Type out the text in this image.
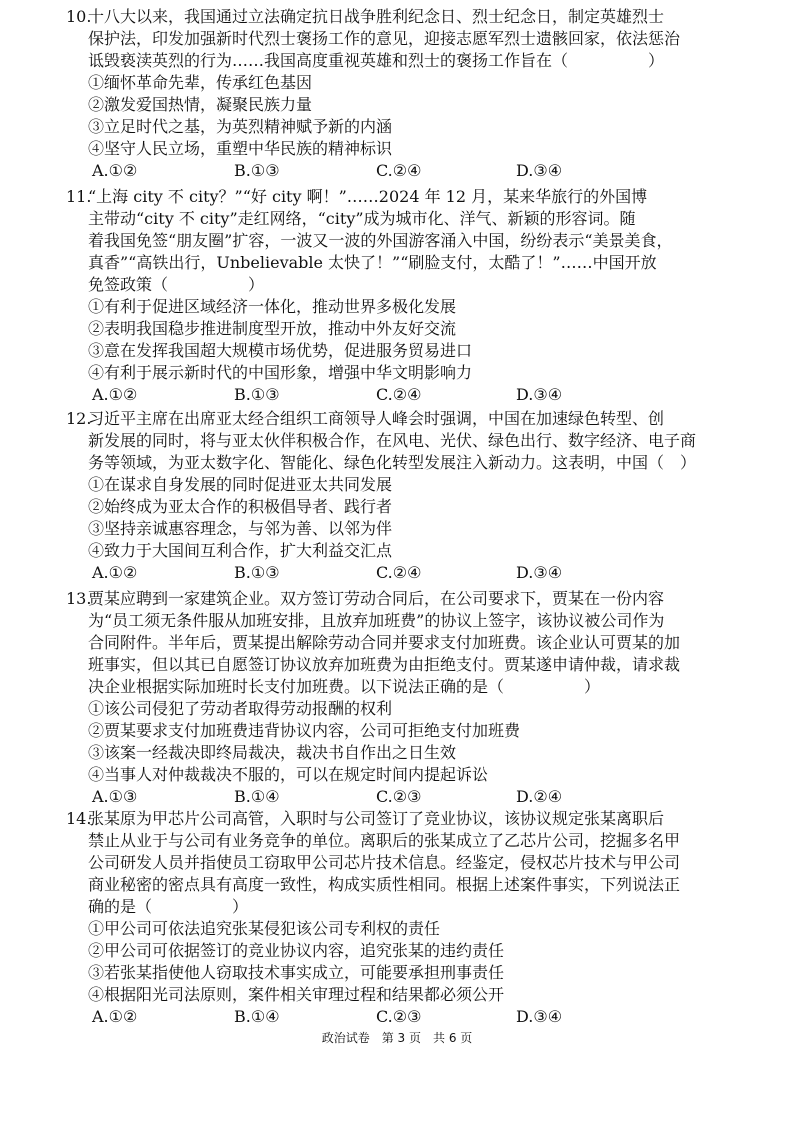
10.
十八大以来，我国通过立法确定抗日战争胜利纪念日、烈士纪念日，制定英雄烈士
保护法，印发加强新时代烈士褒扬工作的意见，迎接志愿军烈士遗骸回家，依法惩治
诋毁亵渎英烈的行为……我国高度重视英雄和烈士的褒扬工作旨在（　　　　　）
①缅怀革命先辈，传承红色基因
②激发爱国热情，凝聚民族力量
③立足时代之基，为英烈精神赋予新的内涵
④坚守人民立场，重塑中华民族的精神标识
A.①②	B.①③	C.②④	D.③④
11.
“上海 city 不 city？”“好 city 啊！”……2024 年 12 月，某来华旅行的外国博
主带动“city 不 city”走红网络，“city”成为城市化、洋气、新颖的形容词。随
着我国免签“朋友圈”扩容，一波又一波的外国游客涌入中国，纷纷表示“美景美食，
真香”“高铁出行，Unbelievable 太快了！”“刷脸支付，太酷了！”……中国开放
免签政策（　　　　　）
①有利于促进区域经济一体化，推动世界多极化发展
②表明我国稳步推进制度型开放，推动中外友好交流
③意在发挥我国超大规模市场优势，促进服务贸易进口
④有利于展示新时代的中国形象，增强中华文明影响力
A.①②	B.①③	C.②④	D.③④
12.
习近平主席在出席亚太经合组织工商领导人峰会时强调，中国在加速绿色转型、创
新发展的同时，将与亚太伙伴积极合作，在风电、光伏、绿色出行、数字经济、电子商
务等领域，为亚太数字化、智能化、绿色化转型发展注入新动力。这表明，中国（　）
①在谋求自身发展的同时促进亚太共同发展
②始终成为亚太合作的积极倡导者、践行者
③坚持亲诚惠容理念，与邻为善、以邻为伴
④致力于大国间互利合作，扩大利益交汇点
A.①②	B.①③	C.②④	D.③④
13.
贾某应聘到一家建筑企业。双方签订劳动合同后，在公司要求下，贾某在一份内容
为“员工须无条件服从加班安排，且放弃加班费”的协议上签字，该协议被公司作为
合同附件。半年后，贾某提出解除劳动合同并要求支付加班费。该企业认可贾某的加
班事实，但以其已自愿签订协议放弃加班费为由拒绝支付。贾某遂申请仲裁，请求裁
决企业根据实际加班时长支付加班费。以下说法正确的是（　　　　　）
①该公司侵犯了劳动者取得劳动报酬的权利
②贾某要求支付加班费违背协议内容，公司可拒绝支付加班费
③该案一经裁决即终局裁决，裁决书自作出之日生效
④当事人对仲裁裁决不服的，可以在规定时间内提起诉讼
A.①③	B.①④	C.②③	D.②④
14.
张某原为甲芯片公司高管，入职时与公司签订了竞业协议，该协议规定张某离职后
禁止从业于与公司有业务竞争的单位。离职后的张某成立了乙芯片公司，挖掘多名甲
公司研发人员并指使员工窃取甲公司芯片技术信息。经鉴定，侵权芯片技术与甲公司
商业秘密的密点具有高度一致性，构成实质性相同。根据上述案件事实，下列说法正
确的是（　　　　　）
①甲公司可依法追究张某侵犯该公司专利权的责任
②甲公司可依据签订的竞业协议内容，追究张某的违约责任
③若张某指使他人窃取技术事实成立，可能要承担刑事责任
④根据阳光司法原则，案件相关审理过程和结果都必须公开
A.①②	B.①④	C.②③	D.③④
政治试卷　第 3 页　共 6 页
